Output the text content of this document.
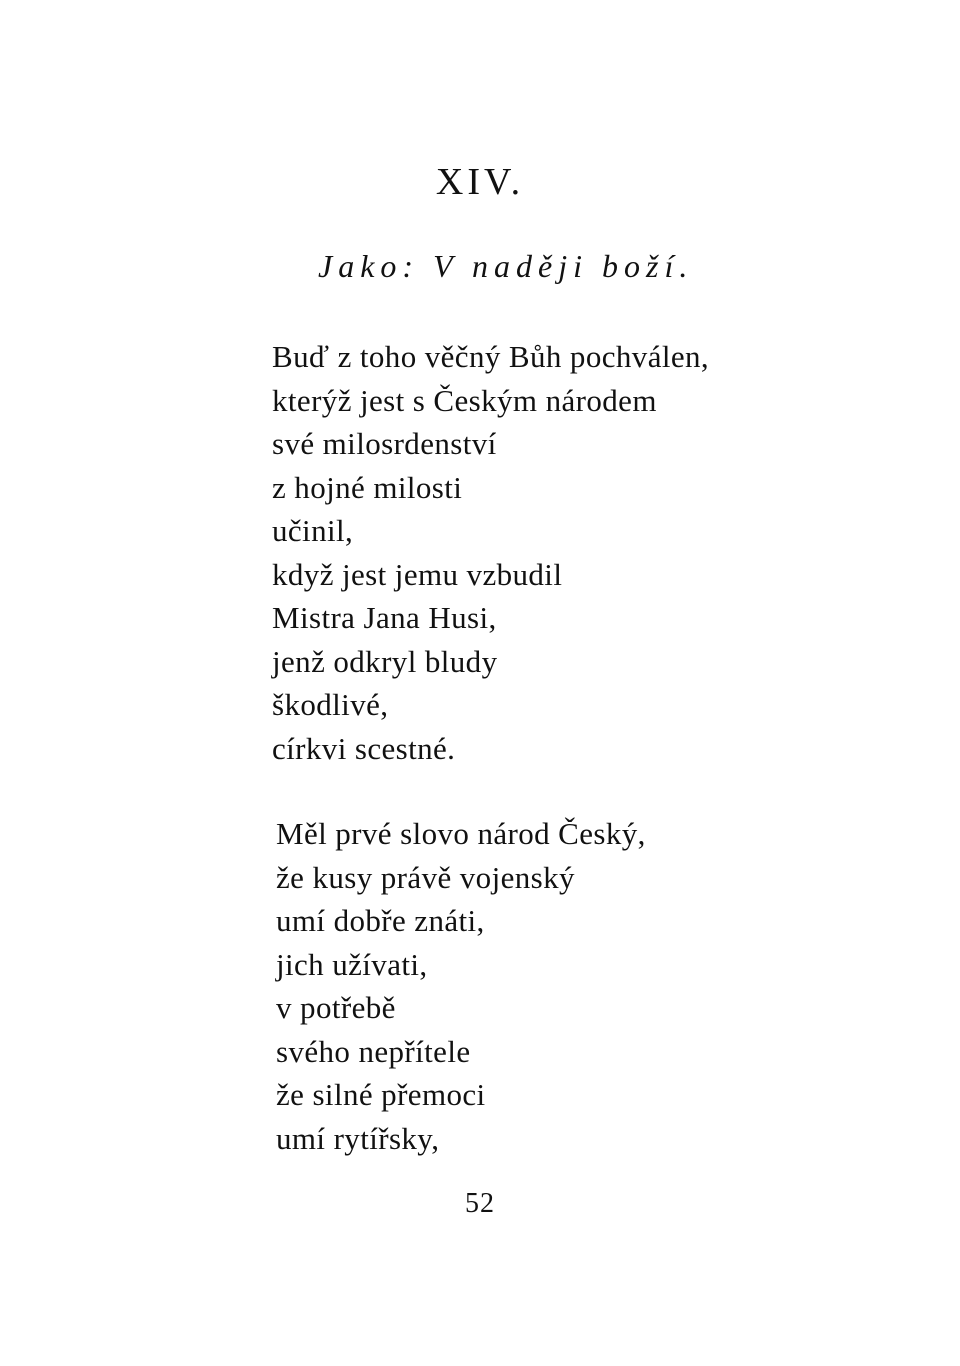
XIV.
Jako: V naději boží.
Buď z toho věčný Bůh pochválen,
kterýž jest s Českým národem
své milosrdenství
z hojné milosti
učinil,
když jest jemu vzbudil
Mistra Jana Husi,
jenž odkryl bludy
škodlivé,
církvi scestné.
Měl prvé slovo národ Český,
že kusy právě vojenský
umí dobře znáti,
jich užívati,
v potřebě
svého nepřítele
že silné přemoci
umí rytířsky,
52
